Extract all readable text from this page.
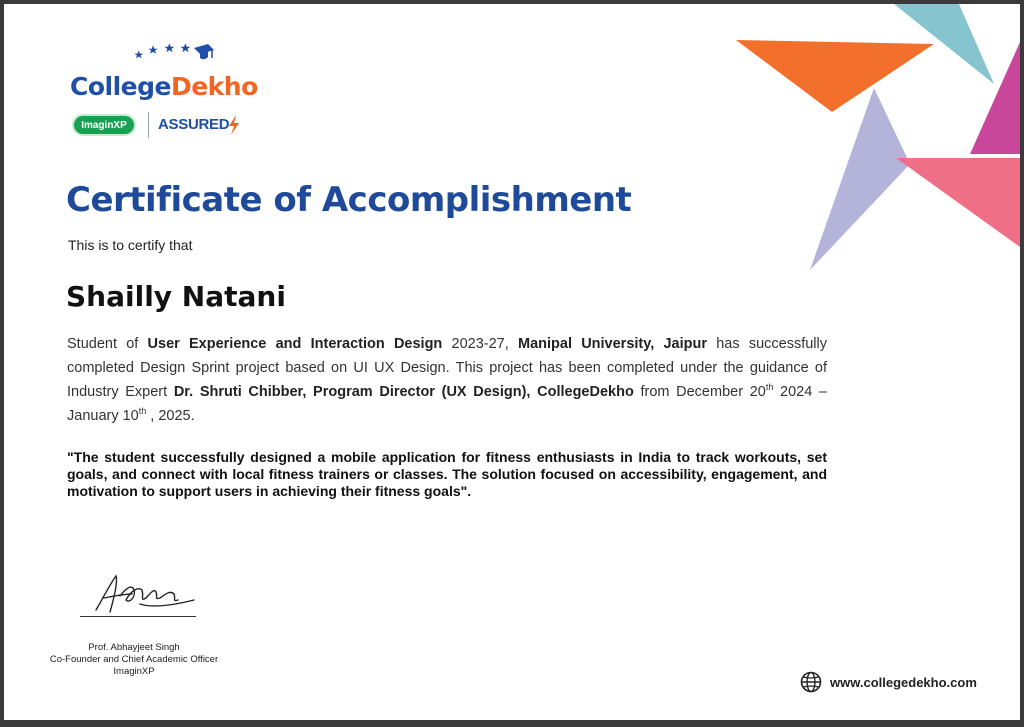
CollegeDekho
ImaginXP ASSURED
Certificate of Accomplishment
This is to certify that
Shailly Natani
Student of User Experience and Interaction Design 2023-27, Manipal University, Jaipur has successfully completed Design Sprint project based on UI UX Design. This project has been completed under the guidance of Industry Expert Dr. Shruti Chibber, Program Director (UX Design), CollegeDekho from December 20th 2024 – January 10th , 2025.
"The student successfully designed a mobile application for fitness enthusiasts in India to track workouts, set goals, and connect with local fitness trainers or classes. The solution focused on accessibility, engagement, and motivation to support users in achieving their fitness goals".
Prof. Abhayjeet Singh
Co-Founder and Chief Academic Officer
ImaginXP
www.collegedekho.com
